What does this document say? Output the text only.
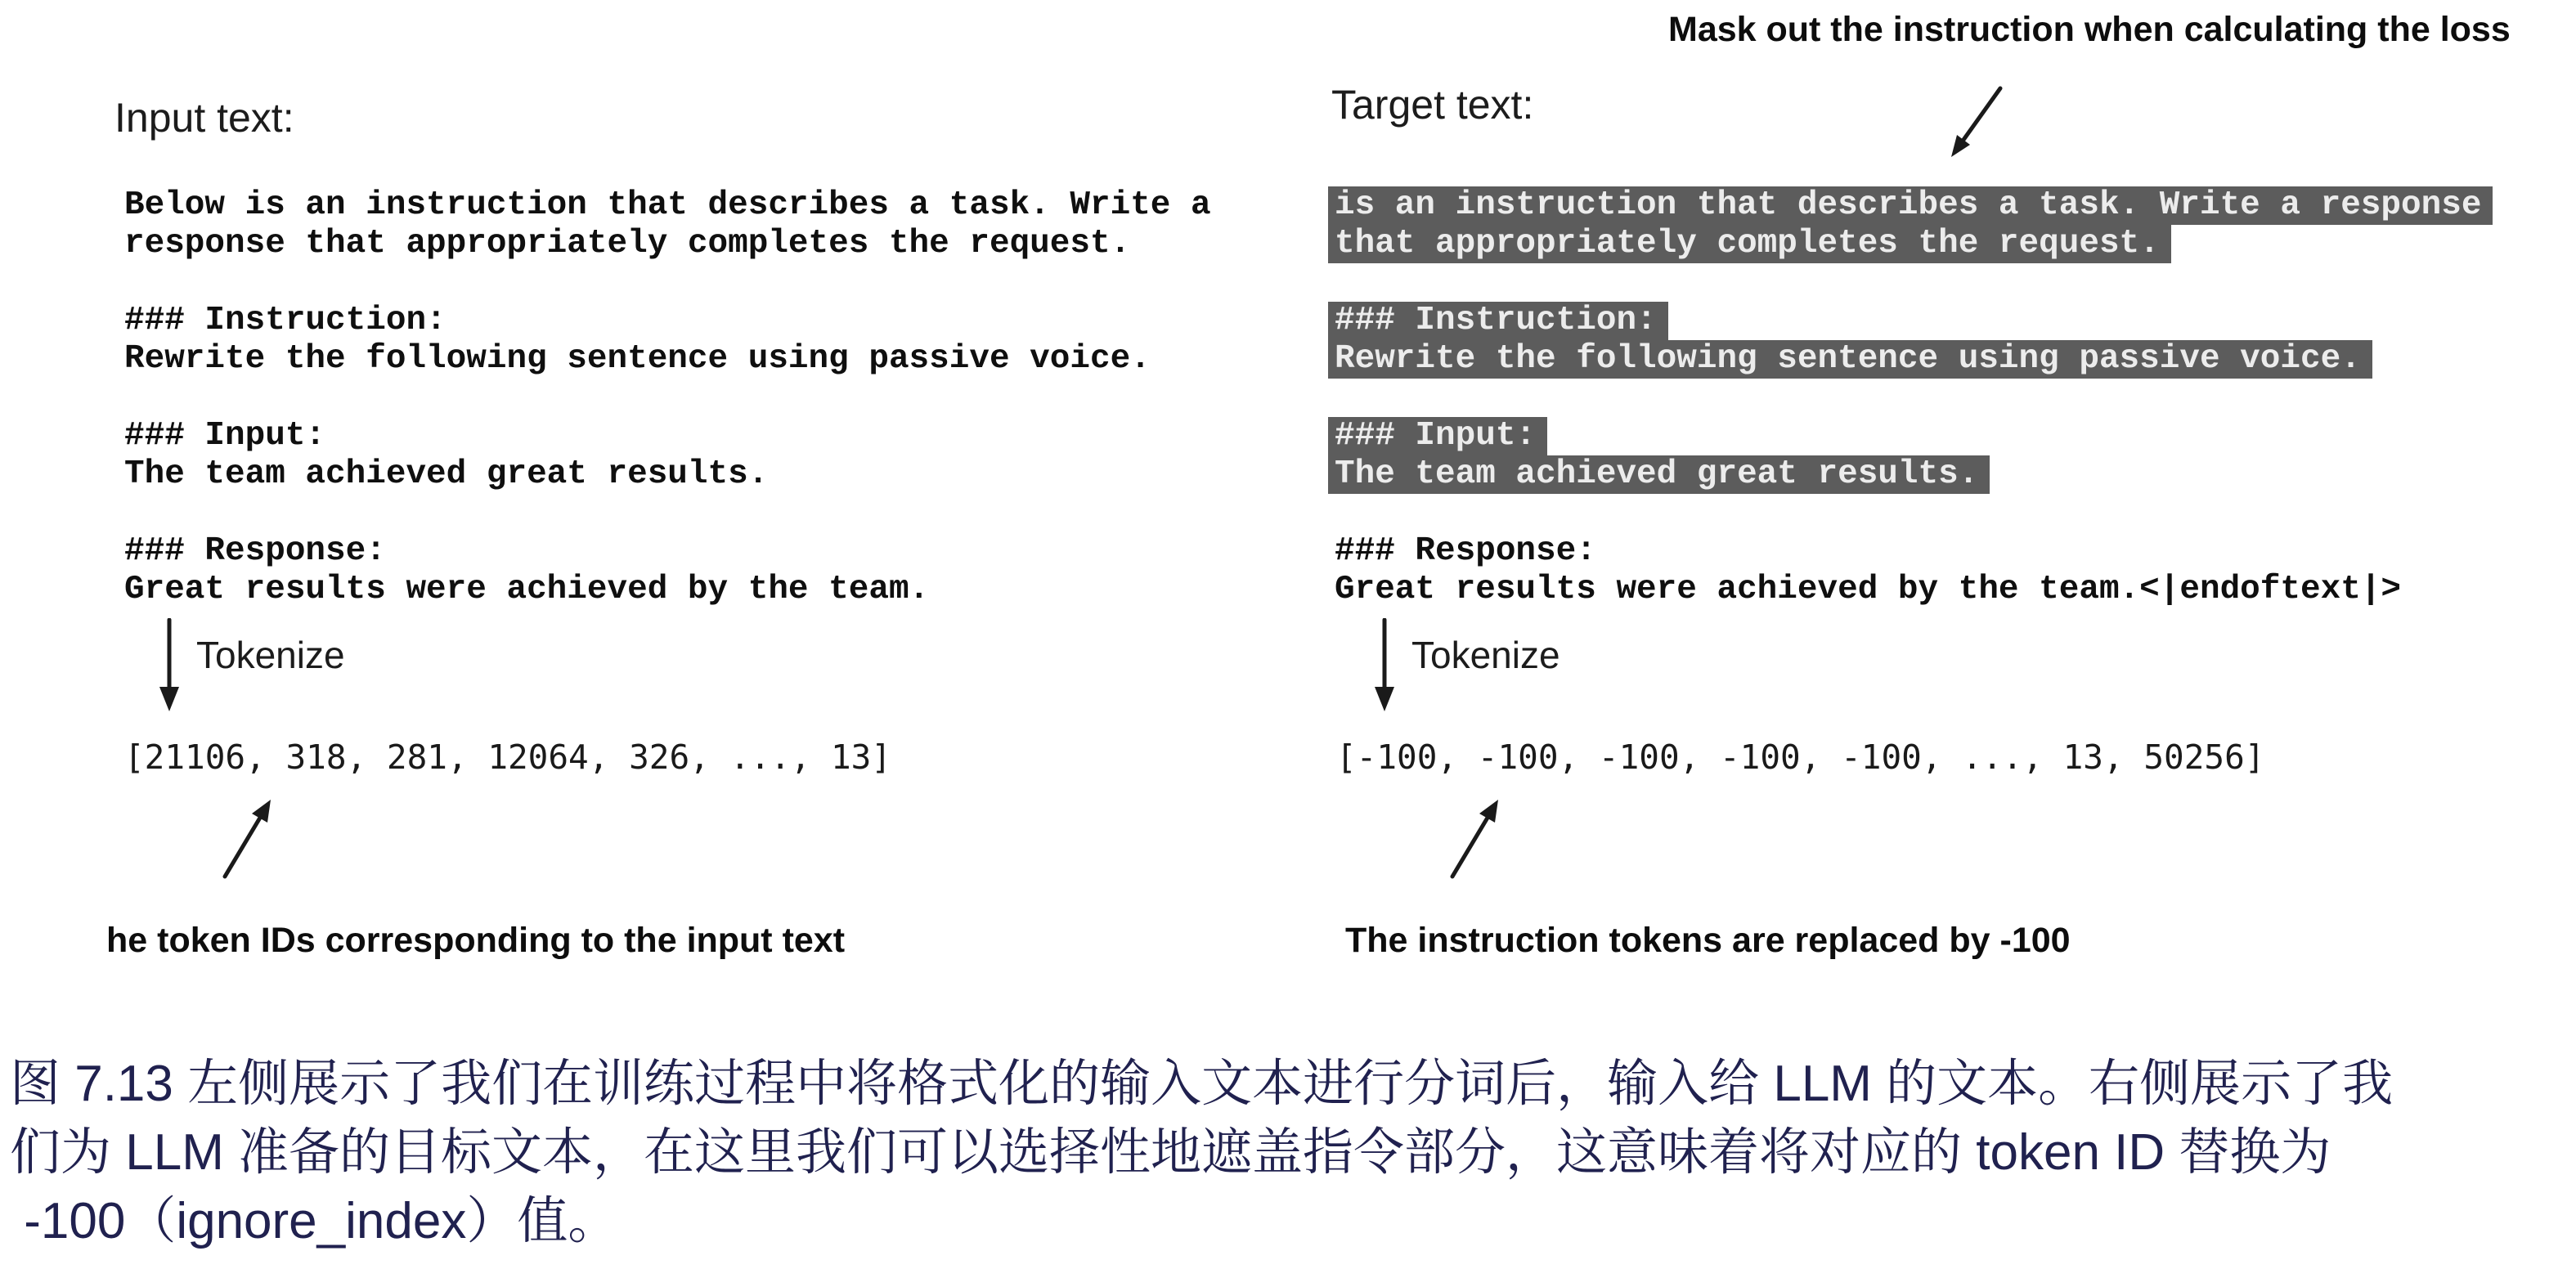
Input text:
Below is an instruction that describes a task. Write a
response that appropriately completes the request.
### Instruction:
Rewrite the following sentence using passive voice.
### Input:
The team achieved great results.
### Response:
Great results were achieved by the team.
Tokenize
[21106, 318, 281, 12064, 326, ..., 13]
he token IDs corresponding to the input text
Mask out the instruction when calculating the loss
Target text:
is an instruction that describes a task. Write a response
that appropriately completes the request.
### Instruction:
Rewrite the following sentence using passive voice.
### Input:
The team achieved great results.
### Response:
Great results were achieved by the team.<|endoftext|>
Tokenize
[-100, -100, -100, -100, -100, ..., 13, 50256]
The instruction tokens are replaced by -100
图 7.13 左侧展示了我们在训练过程中将格式化的输入文本进行分词后，输入给 LLM 的文本。右侧展示了我
们为 LLM 准备的目标文本，在这里我们可以选择性地遮盖指令部分，这意味着将对应的 token ID 替换为
-100（ignore_index）值。
